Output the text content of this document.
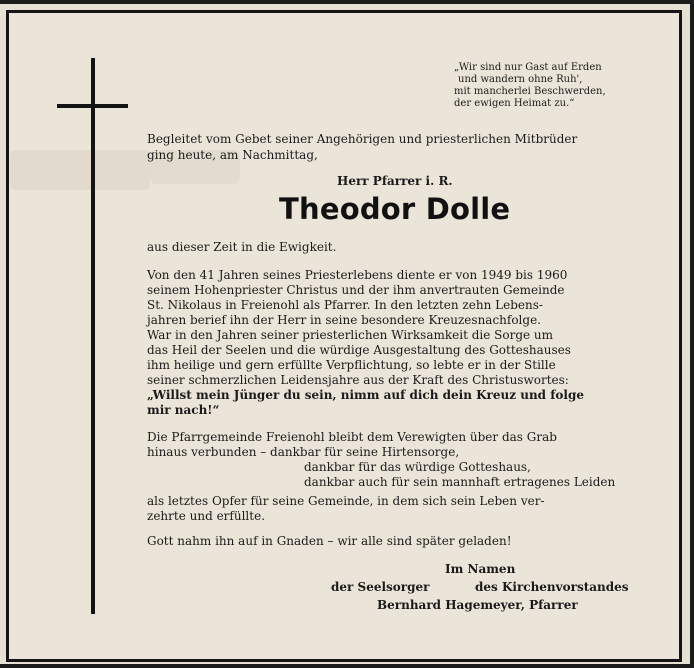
„Wir sind nur Gast auf Erden
und wandern ohne Ruh',
mit mancherlei Beschwerden,
der ewigen Heimat zu.“
Begleitet vom Gebet seiner Angehörigen und priesterlichen Mitbrüder
ging heute, am Nachmittag,
Herr Pfarrer i. R.
Theodor Dolle
aus dieser Zeit in die Ewigkeit.
Von den 41 Jahren seines Priesterlebens diente er von 1949 bis 1960
seinem Hohenpriester Christus und der ihm anvertrauten Gemeinde
St. Nikolaus in Freienohl als Pfarrer. In den letzten zehn Lebens-
jahren berief ihn der Herr in seine besondere Kreuzesnachfolge.
War in den Jahren seiner priesterlichen Wirksamkeit die Sorge um
das Heil der Seelen und die würdige Ausgestaltung des Gotteshauses
ihm heilige und gern erfüllte Verpflichtung, so lebte er in der Stille
seiner schmerzlichen Leidensjahre aus der Kraft des Christuswortes:
„Willst mein Jünger du sein, nimm auf dich dein Kreuz und folge
mir nach!“
Die Pfarrgemeinde Freienohl bleibt dem Verewigten über das Grab
hinaus verbunden – dankbar für seine Hirtensorge,
dankbar für das würdige Gotteshaus,
dankbar auch für sein mannhaft ertragenes Leiden
als letztes Opfer für seine Gemeinde, in dem sich sein Leben ver-
zehrte und erfüllte.
Gott nahm ihn auf in Gnaden – wir alle sind später geladen!
Im Namen
der Seelsorger	des Kirchenvorstandes
Bernhard Hagemeyer, Pfarrer
